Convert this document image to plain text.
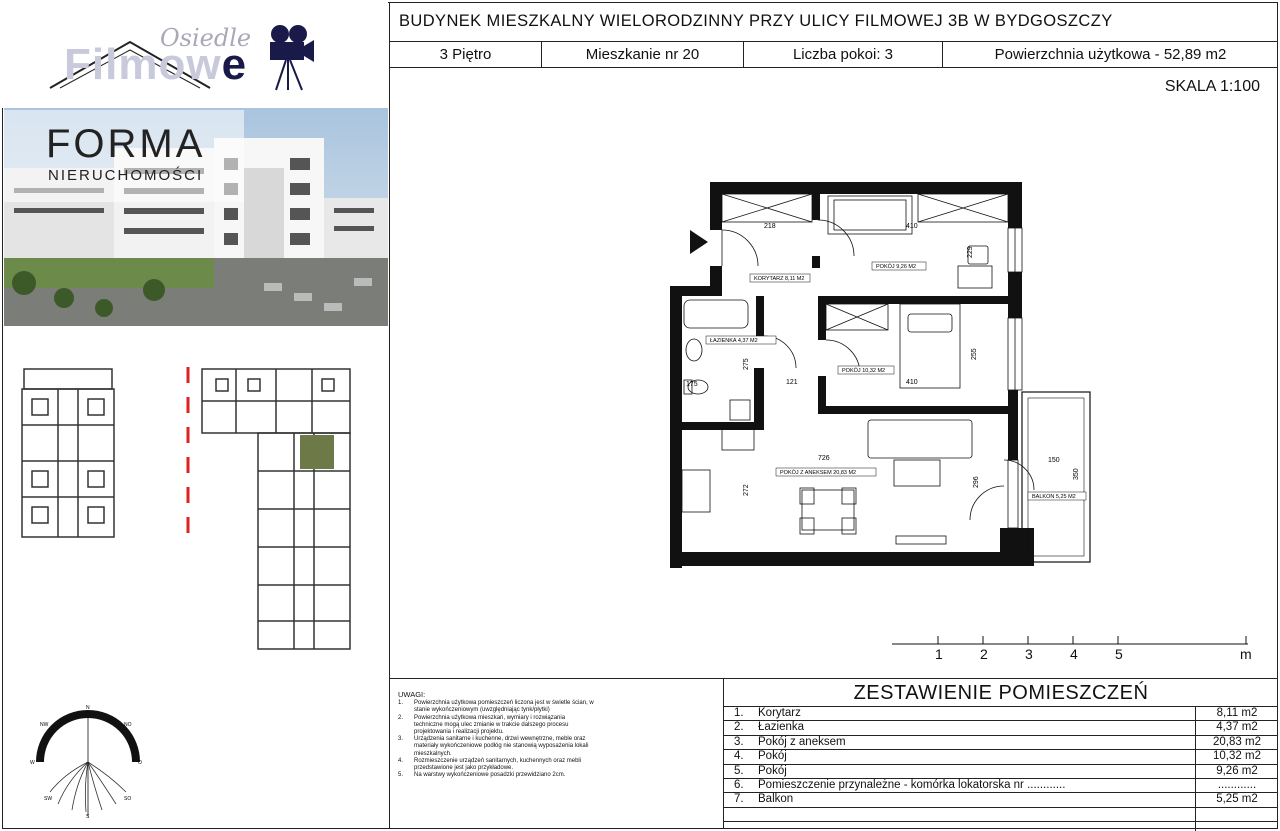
Osiedle
Filmowe
FORMA
NIERUCHOMOŚCI
N
NO
O
SO
S
SW
W
NW
BUDYNEK MIESZKALNY WIELORODZINNY PRZY ULICY FILMOWEJ 3B W BYDGOSZCZY
3 Piętro	Mieszkanie nr 20	Liczba pokoi: 3	Powierzchnia użytkowa - 52,89 m2
SKALA 1:100
KORYTARZ 8,11 M2
POKÓJ 9,26 M2
ŁAZIENKA 4,37 M2
POKÓJ 10,32 M2
POKÓJ Z ANEKSEM 20,83 M2
BALKON 5,25 M2
218	410
229
255
275
121	410
175
726
272
296
150
350
1	2	3	4	5	m
UWAGI:
1.	Powierzchnia użytkowa pomieszczeń liczona jest w świetle ścian, w stanie wykończeniowym (uwzględniając tynk/płytki)
2.	Powierzchnia użytkowa mieszkań, wymiary i rozwiązania techniczne mogą ulec zmianie w trakcie dalszego procesu projektowania i realizacji projektu.
3.	Urządzenia sanitarne i kuchenne, drzwi wewnętrzne, meble oraz materiały wykończeniowe podłóg nie stanowią wyposażenia lokali mieszkalnych.
4.	Rozmieszczenie urządzeń sanitarnych, kuchennych oraz mebli przedstawione jest jako przykładowe.
5.	Na warstwy wykończeniowe posadzki przewidziano 2cm.
ZESTAWIENIE POMIESZCZEŃ
1.	Korytarz	8,11 m2
2.	Łazienka	4,37 m2
3.	Pokój z aneksem	20,83 m2
4.	Pokój	10,32 m2
5.	Pokój	9,26 m2
6.	Pomieszczenie przynależne - komórka lokatorska nr ............	............
7.	Balkon	5,25 m2
